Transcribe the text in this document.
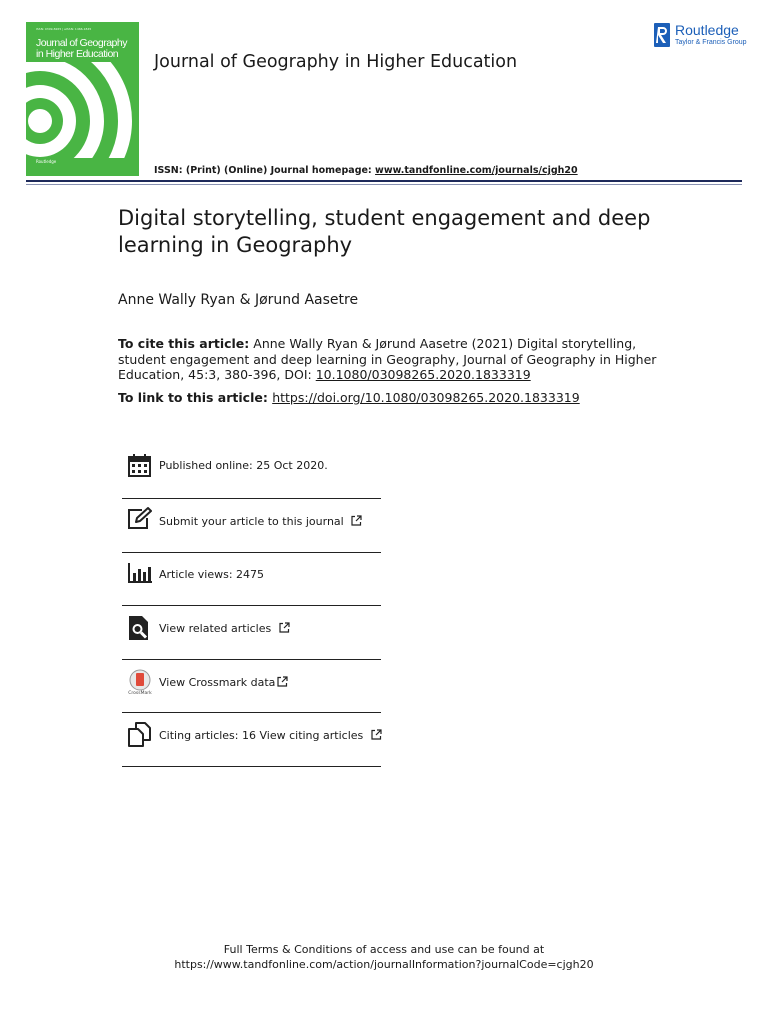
ISSN: 0309-8265 | eISSN: 1466-1845
Journal of Geography in Higher Education
Routledge
Journal of Geography in Higher Education
Routledge
Taylor & Francis Group
ISSN: (Print) (Online) Journal homepage: www.tandfonline.com/journals/cjgh20
Digital storytelling, student engagement and deep learning in Geography
Anne Wally Ryan & Jørund Aasetre
To cite this article: Anne Wally Ryan & Jørund Aasetre (2021) Digital storytelling, student engagement and deep learning in Geography, Journal of Geography in Higher Education, 45:3, 380-396, DOI: 10.1080/03098265.2020.1833319
To link to this article: https://doi.org/10.1080/03098265.2020.1833319
Published online: 25 Oct 2020.
Submit your article to this journal
Article views: 2475
View related articles
CrossMark
View Crossmark data
Citing articles: 16 View citing articles
Full Terms & Conditions of access and use can be found at
https://www.tandfonline.com/action/journalInformation?journalCode=cjgh20
